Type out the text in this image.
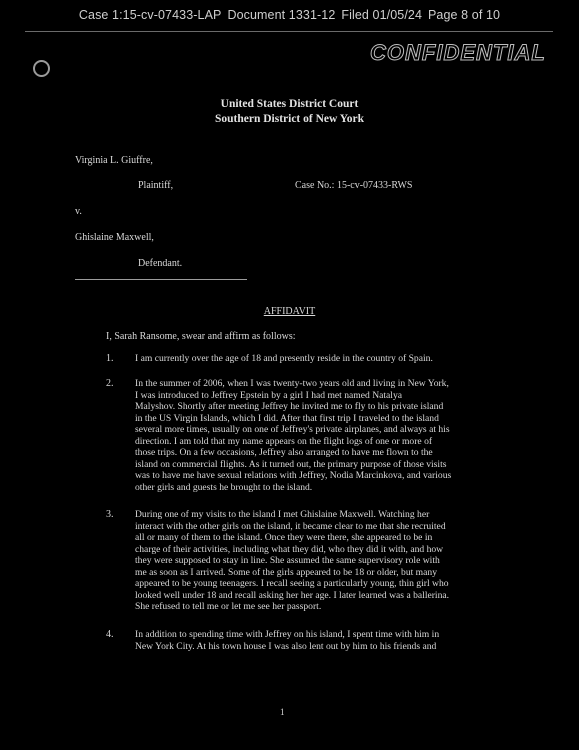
Case 1:15-cv-07433-LAP Document 1331-12 Filed 01/05/24 Page 8 of 10
CONFIDENTIAL
United States District Court
Southern District of New York
Virginia L. Giuffre,
Plaintiff,	Case No.: 15-cv-07433-RWS
v.
Ghislaine Maxwell,
Defendant.
AFFIDAVIT
I, Sarah Ransome, swear and affirm as follows:
1. I am currently over the age of 18 and presently reside in the country of Spain.
2. In the summer of 2006, when I was twenty-two years old and living in New York,
I was introduced to Jeffrey Epstein by a girl I had met named Natalya
Malyshov. Shortly after meeting Jeffrey he invited me to fly to his private island
in the US Virgin Islands, which I did. After that first trip I traveled to the island
several more times, usually on one of Jeffrey's private airplanes, and always at his
direction. I am told that my name appears on the flight logs of one or more of
those trips. On a few occasions, Jeffrey also arranged to have me flown to the
island on commercial flights. As it turned out, the primary purpose of those visits
was to have me have sexual relations with Jeffrey, Nodia Marcinkova, and various
other girls and guests he brought to the island.
3. During one of my visits to the island I met Ghislaine Maxwell. Watching her
interact with the other girls on the island, it became clear to me that she recruited
all or many of them to the island. Once they were there, she appeared to be in
charge of their activities, including what they did, who they did it with, and how
they were supposed to stay in line. She assumed the same supervisory role with
me as soon as I arrived. Some of the girls appeared to be 18 or older, but many
appeared to be young teenagers. I recall seeing a particularly young, thin girl who
looked well under 18 and recall asking her her age. I later learned was a ballerina.
She refused to tell me or let me see her passport.
4. In addition to spending time with Jeffrey on his island, I spent time with him in
New York City. At his town house I was also lent out by him to his friends and
1
